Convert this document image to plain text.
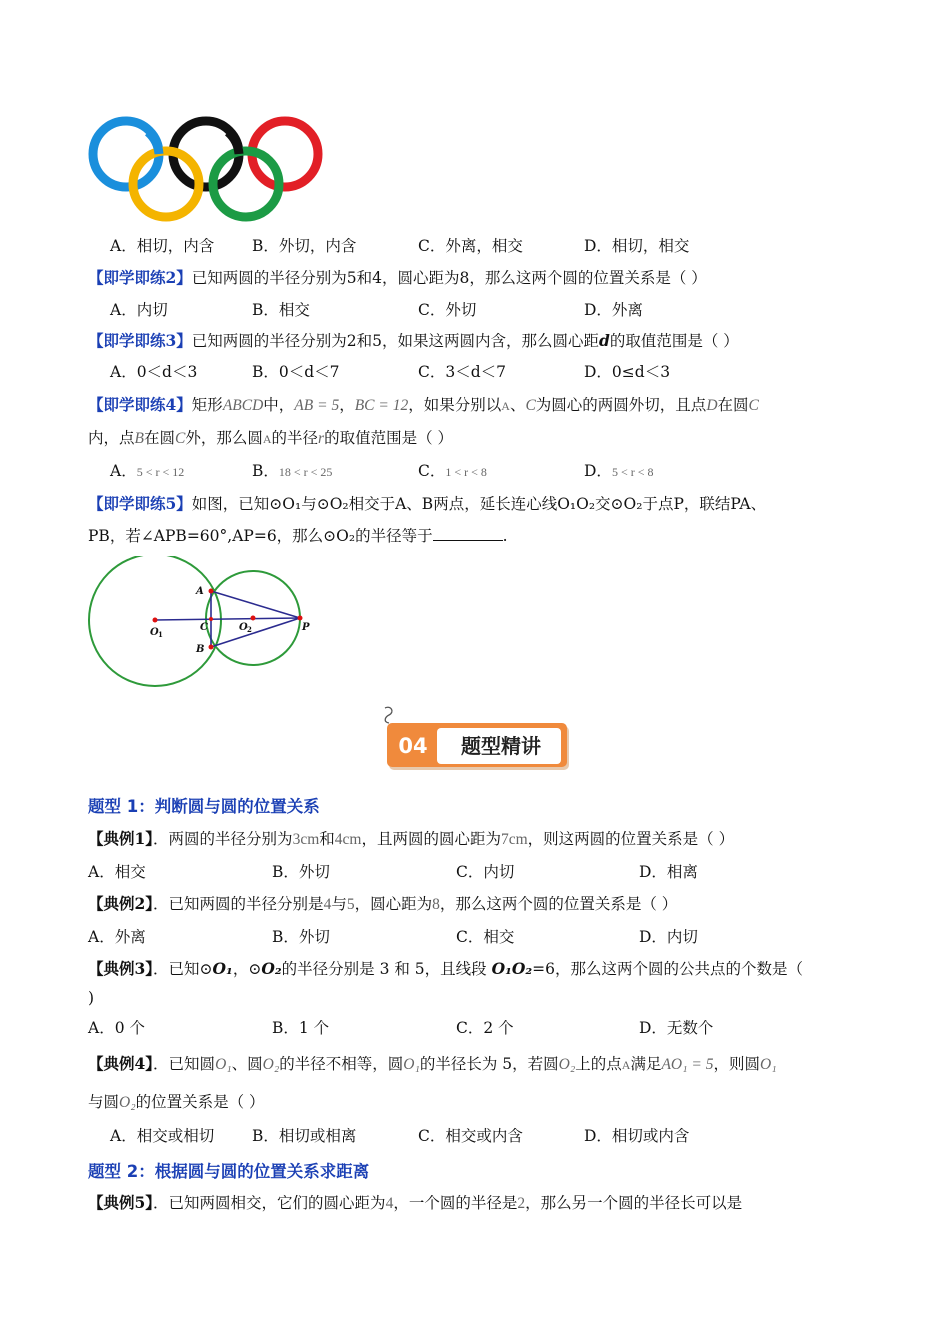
A．相切，内含 B．外切，内含	C．外离，相交	D．相切，相交
【即学即练2】已知两圆的半径分别为5和4，圆心距为8，那么这两个圆的位置关系是（ ）
A．内切	B．相交	C．外切	D．外离
【即学即练3】已知两圆的半径分别为2和5，如果这两圆内含，那么圆心距d的取值范围是（ ）
A．0＜d＜3	B．0＜d＜7	C．3＜d＜7	D．0≤d＜3
【即学即练4】矩形ABCD中，AB = 5，BC = 12，如果分别以A、C为圆心的两圆外切，且点D在圆C
内，点B在圆C外，那么圆A的半径r的取值范围是（ ）
A．5 < r < 12	B．18 < r < 25	C．1 < r < 8	D．5 < r < 8
【即学即练5】如图，已知⊙O₁与⊙O₂相交于A、B两点，延长连心线O₁O₂交⊙O₂于点P，联结PA、
PB，若∠APB=60°,AP=6，那么⊙O₂的半径等于	.
A
B
C
O 1
O 2	P
04	题型精讲
题型 1：判断圆与圆的位置关系
【典例1】．两圆的半径分别为3cm和4cm，且两圆的圆心距为7cm，则这两圆的位置关系是（ ）
A．相交	B．外切	C．内切	D．相离
【典例2】．已知两圆的半径分别是4与5，圆心距为8，那么这两个圆的位置关系是（ ）
A．外离	B．外切	C．相交	D．内切
【典例3】．已知⊙O₁，⊙O₂的半径分别是 3 和 5，且线段 O₁O₂=6，那么这两个圆的公共点的个数是（
)
A．0 个	B．1 个	C．2 个	D．无数个
【典例4】．已知圆O₁、圆O₂的半径不相等，圆O₁的半径长为 5，若圆O₂上的点A满足AO₁ = 5，则圆O₁
与圆O₂的位置关系是（ ）
A．相交或相切 B．相切或相离	C．相交或内含	D．相切或内含
题型 2：根据圆与圆的位置关系求距离
【典例5】．已知两圆相交，它们的圆心距为4，一个圆的半径是2，那么另一个圆的半径长可以是
